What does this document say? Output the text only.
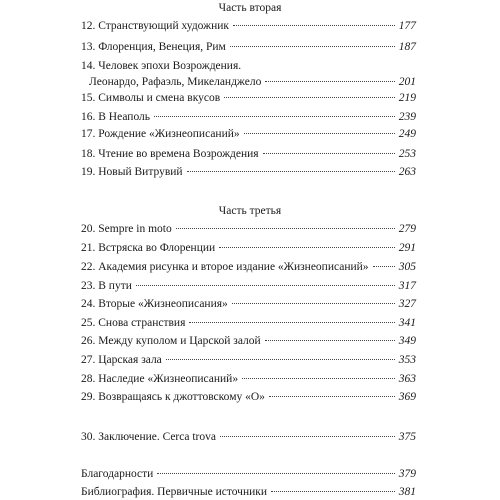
Часть вторая
12. Странствующий художник	177
13. Флоренция, Венеция, Рим	187
14. Человек эпохи Возрождения.
Леонардо, Рафаэль, Микеланджело	201
15. Символы и смена вкусов	219
16. В Неаполь	239
17. Рождение «Жизнеописаний»	249
18. Чтение во времена Возрождения	253
19. Новый Витрувий	263
Часть третья
20. Sempre in moto	279
21. Встряска во Флоренции	291
22. Академия рисунка и второе издание «Жизнеописаний»	305
23. В пути	317
24. Вторые «Жизнеописания»	327
25. Снова странствия	341
26. Между куполом и Царской залой	349
27. Царская зала	353
28. Наследие «Жизнеописаний»	363
29. Возвращаясь к джоттовскому «О»	369
30. Заключение. Cerca trova	375
Благодарности	379
Библиография. Первичные источники	381
